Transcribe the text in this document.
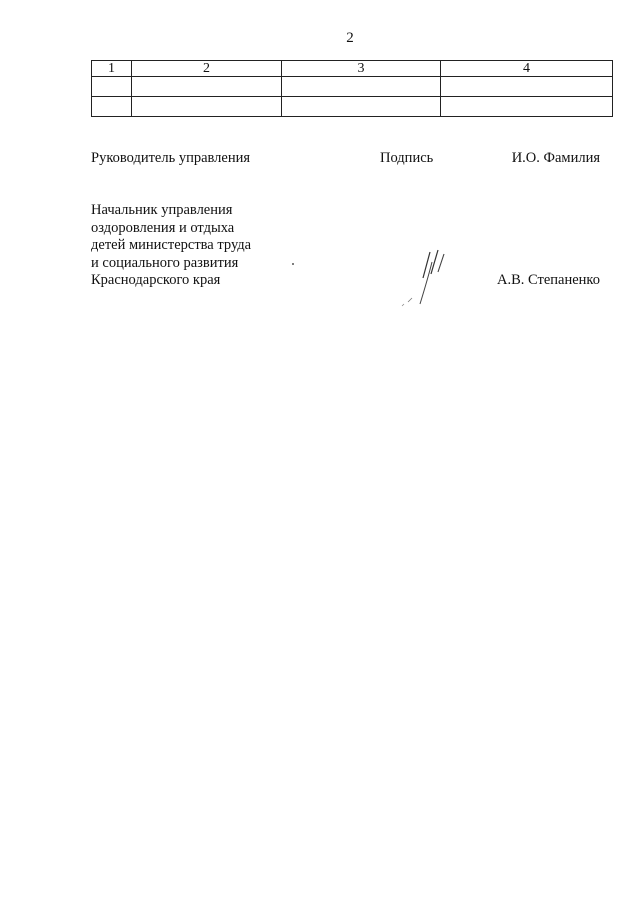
2
1	2	3	4

Руководитель управления	Подпись	И.О. Фамилия
Начальник управления
оздоровления и отдыха
детей министерства труда
и социального развития
Краснодарского края	А.В. Степаненко
